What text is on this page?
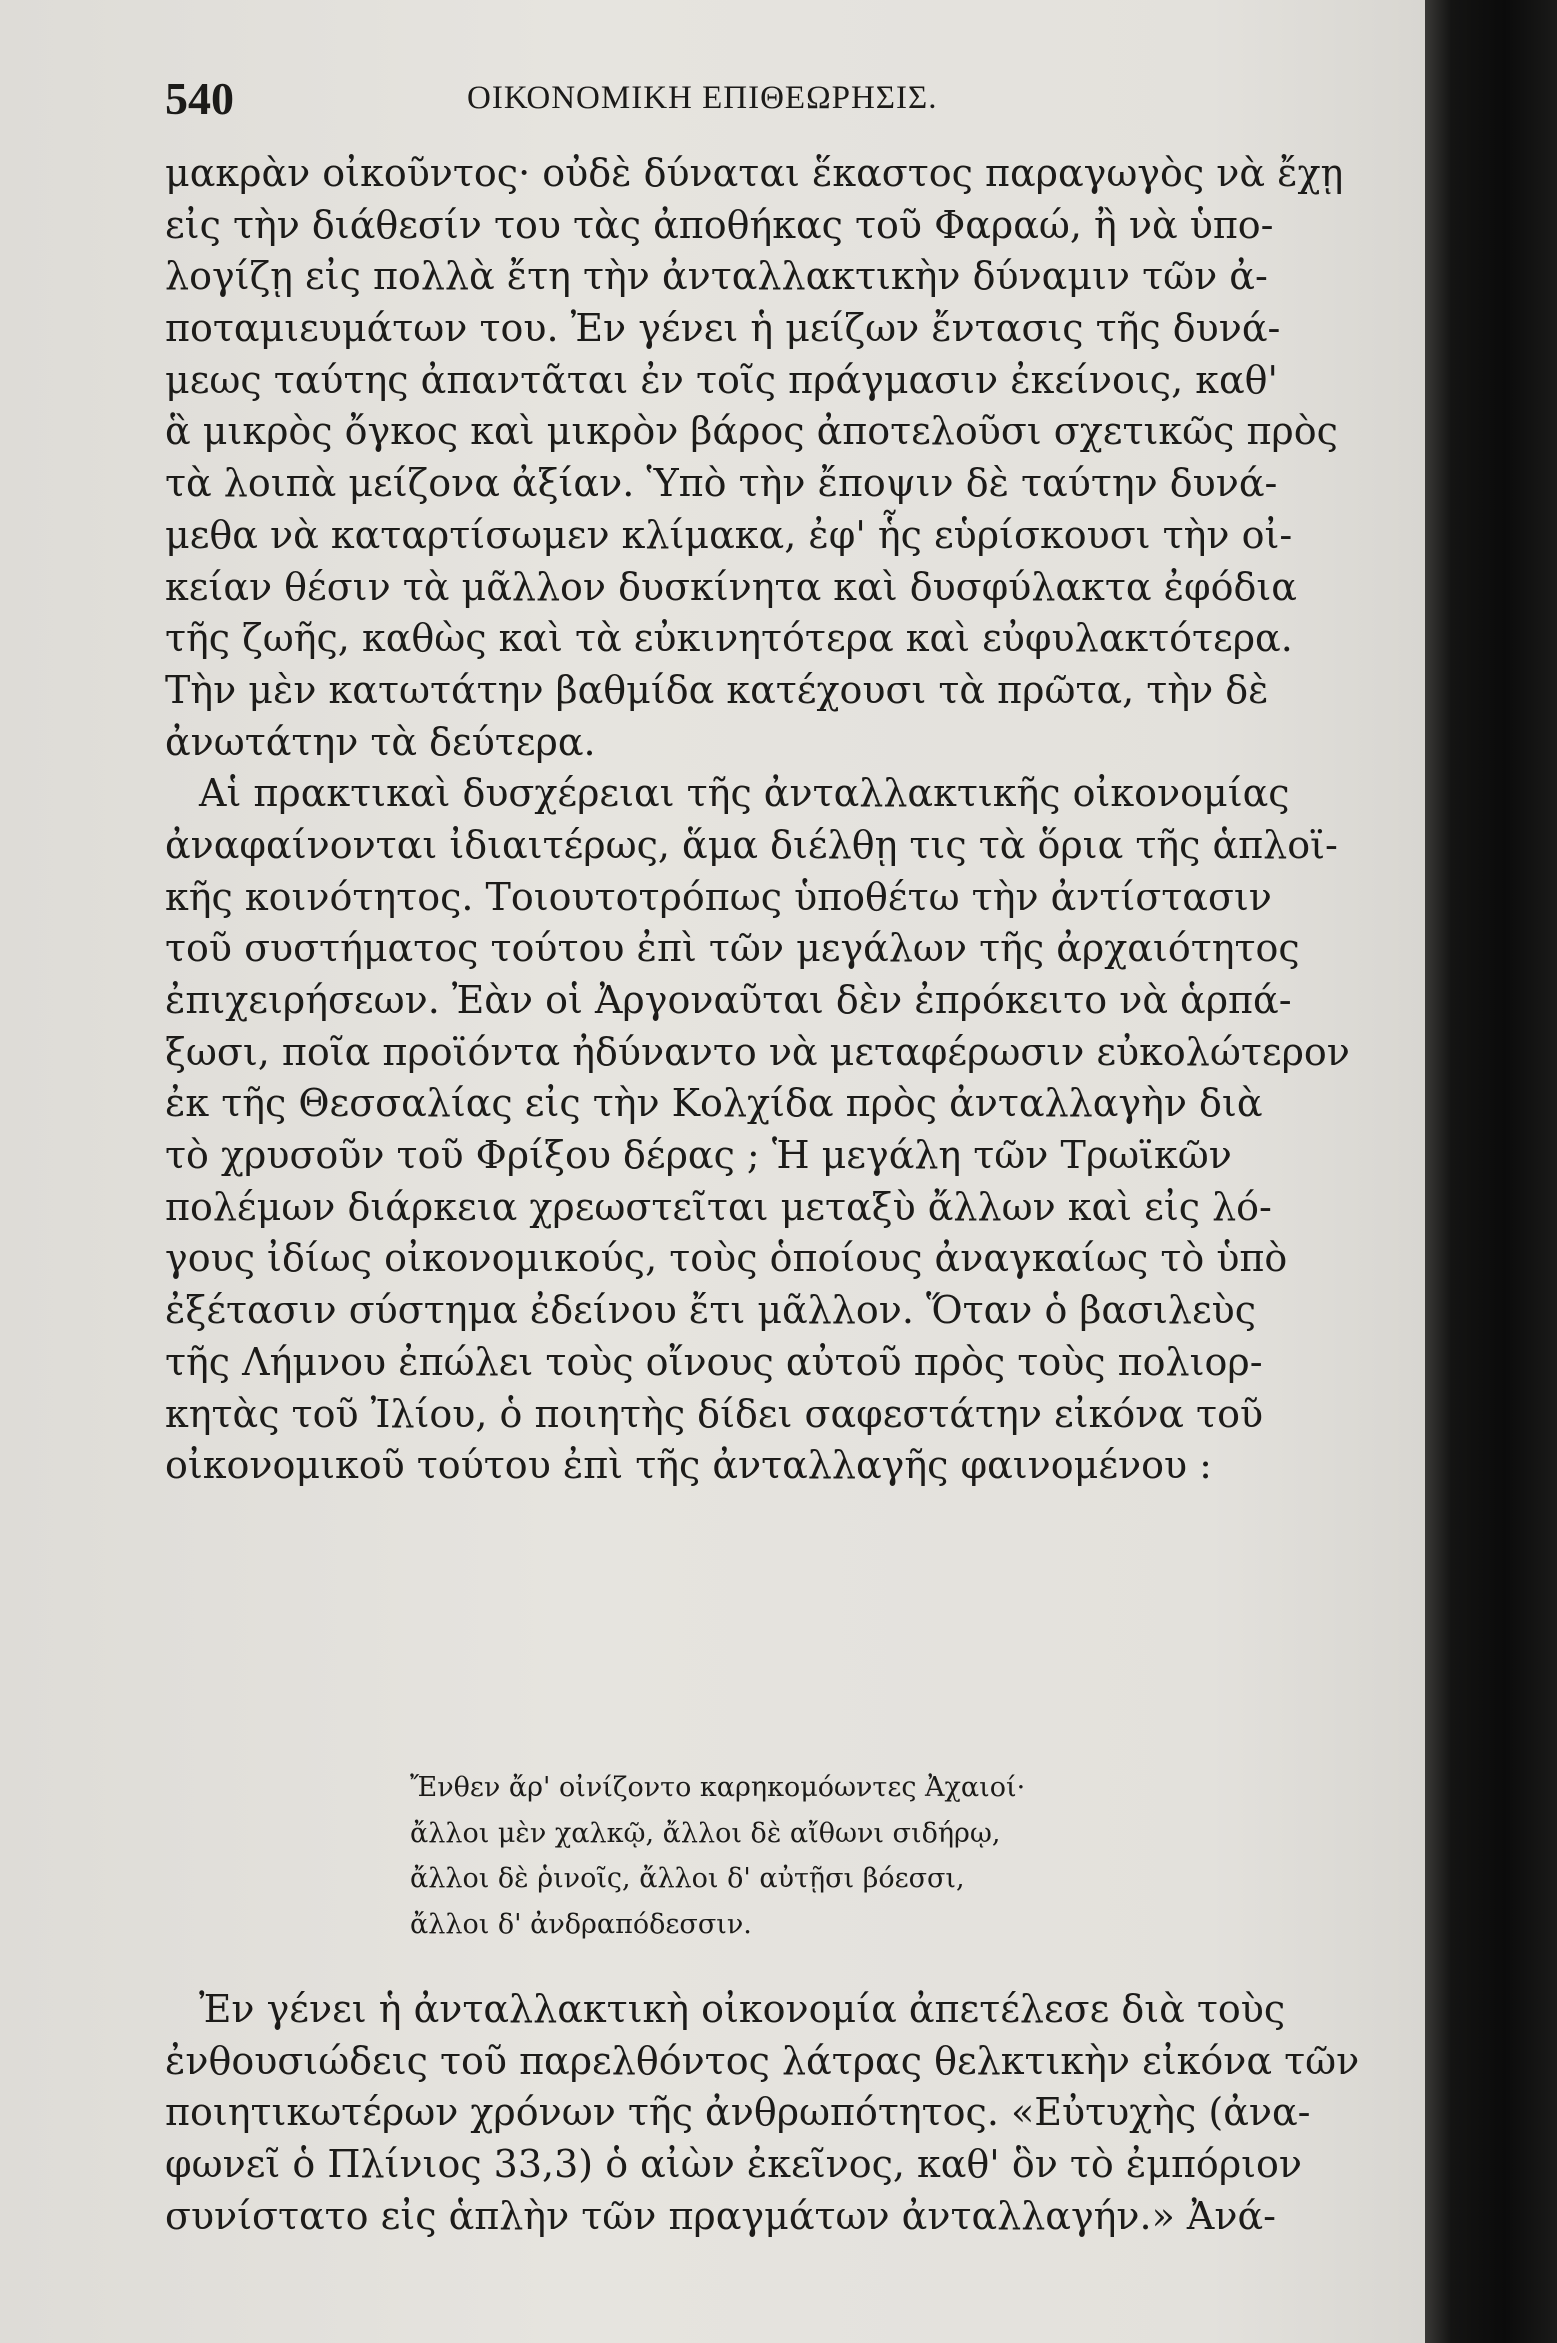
540	ΟΙΚΟΝΟΜΙΚΗ ΕΠΙΘΕΩΡΗΣΙΣ.
μακρὰν οἰκοῦντος· οὐδὲ δύναται ἕκαστος παραγωγὸς νὰ ἔχῃ
εἰς τὴν διάθεσίν του τὰς ἀποθήκας τοῦ Φαραώ, ἢ νὰ ὑπο-
λογίζῃ εἰς πολλὰ ἔτη τὴν ἀνταλλακτικὴν δύναμιν τῶν ἀ-
ποταμιευμάτων του. Ἐν γένει ἡ μείζων ἔντασις τῆς δυνά-
μεως ταύτης ἀπαντᾶται ἐν τοῖς πράγμασιν ἐκείνοις, καθ'
ἃ μικρὸς ὄγκος καὶ μικρὸν βάρος ἀποτελοῦσι σχετικῶς πρὸς
τὰ λοιπὰ μείζονα ἀξίαν. Ὑπὸ τὴν ἔποψιν δὲ ταύτην δυνά-
μεθα νὰ καταρτίσωμεν κλίμακα, ἐφ' ἧς εὑρίσκουσι τὴν οἰ-
κείαν θέσιν τὰ μᾶλλον δυσκίνητα καὶ δυσφύλακτα ἐφόδια
τῆς ζωῆς, καθὼς καὶ τὰ εὐκινητότερα καὶ εὐφυλακτότερα.
Τὴν μὲν κατωτάτην βαθμίδα κατέχουσι τὰ πρῶτα, τὴν δὲ
ἀνωτάτην τὰ δεύτερα.
Αἱ πρακτικαὶ δυσχέρειαι τῆς ἀνταλλακτικῆς οἰκονομίας
ἀναφαίνονται ἰδιαιτέρως, ἅμα διέλθῃ τις τὰ ὅρια τῆς ἁπλοϊ-
κῆς κοινότητος. Τοιουτοτρόπως ὑποθέτω τὴν ἀντίστασιν
τοῦ συστήματος τούτου ἐπὶ τῶν μεγάλων τῆς ἀρχαιότητος
ἐπιχειρήσεων. Ἐὰν οἱ Ἀργοναῦται δὲν ἐπρόκειτο νὰ ἁρπά-
ξωσι, ποῖα προϊόντα ἠδύναντο νὰ μεταφέρωσιν εὐκολώτερον
ἐκ τῆς Θεσσαλίας εἰς τὴν Κολχίδα πρὸς ἀνταλλαγὴν διὰ
τὸ χρυσοῦν τοῦ Φρίξου δέρας ; Ἡ μεγάλη τῶν Τρωϊκῶν
πολέμων διάρκεια χρεωστεῖται μεταξὺ ἄλλων καὶ εἰς λό-
γους ἰδίως οἰκονομικούς, τοὺς ὁποίους ἀναγκαίως τὸ ὑπὸ
ἐξέτασιν σύστημα ἐδείνου ἔτι μᾶλλον. Ὅταν ὁ βασιλεὺς
τῆς Λήμνου ἐπώλει τοὺς οἴνους αὐτοῦ πρὸς τοὺς πολιορ-
κητὰς τοῦ Ἰλίου, ὁ ποιητὴς δίδει σαφεστάτην εἰκόνα τοῦ
οἰκονομικοῦ τούτου ἐπὶ τῆς ἀνταλλαγῆς φαινομένου :
Ἔνθεν ἄρ' οἰνίζοντο καρηκομόωντες Ἀχαιοί·
ἄλλοι μὲν χαλκῷ, ἄλλοι δὲ αἴθωνι σιδήρῳ,
ἄλλοι δὲ ῥινοῖς, ἄλλοι δ' αὐτῇσι βόεσσι,
ἄλλοι δ' ἀνδραπόδεσσιν.
Ἐν γένει ἡ ἀνταλλακτικὴ οἰκονομία ἀπετέλεσε διὰ τοὺς
ἐνθουσιώδεις τοῦ παρελθόντος λάτρας θελκτικὴν εἰκόνα τῶν
ποιητικωτέρων χρόνων τῆς ἀνθρωπότητος. «Εὐτυχὴς (ἀνα-
φωνεῖ ὁ Πλίνιος 33,3) ὁ αἰὼν ἐκεῖνος, καθ' ὃν τὸ ἐμπόριον
συνίστατο εἰς ἁπλὴν τῶν πραγμάτων ἀνταλλαγήν.» Ἀνά-
